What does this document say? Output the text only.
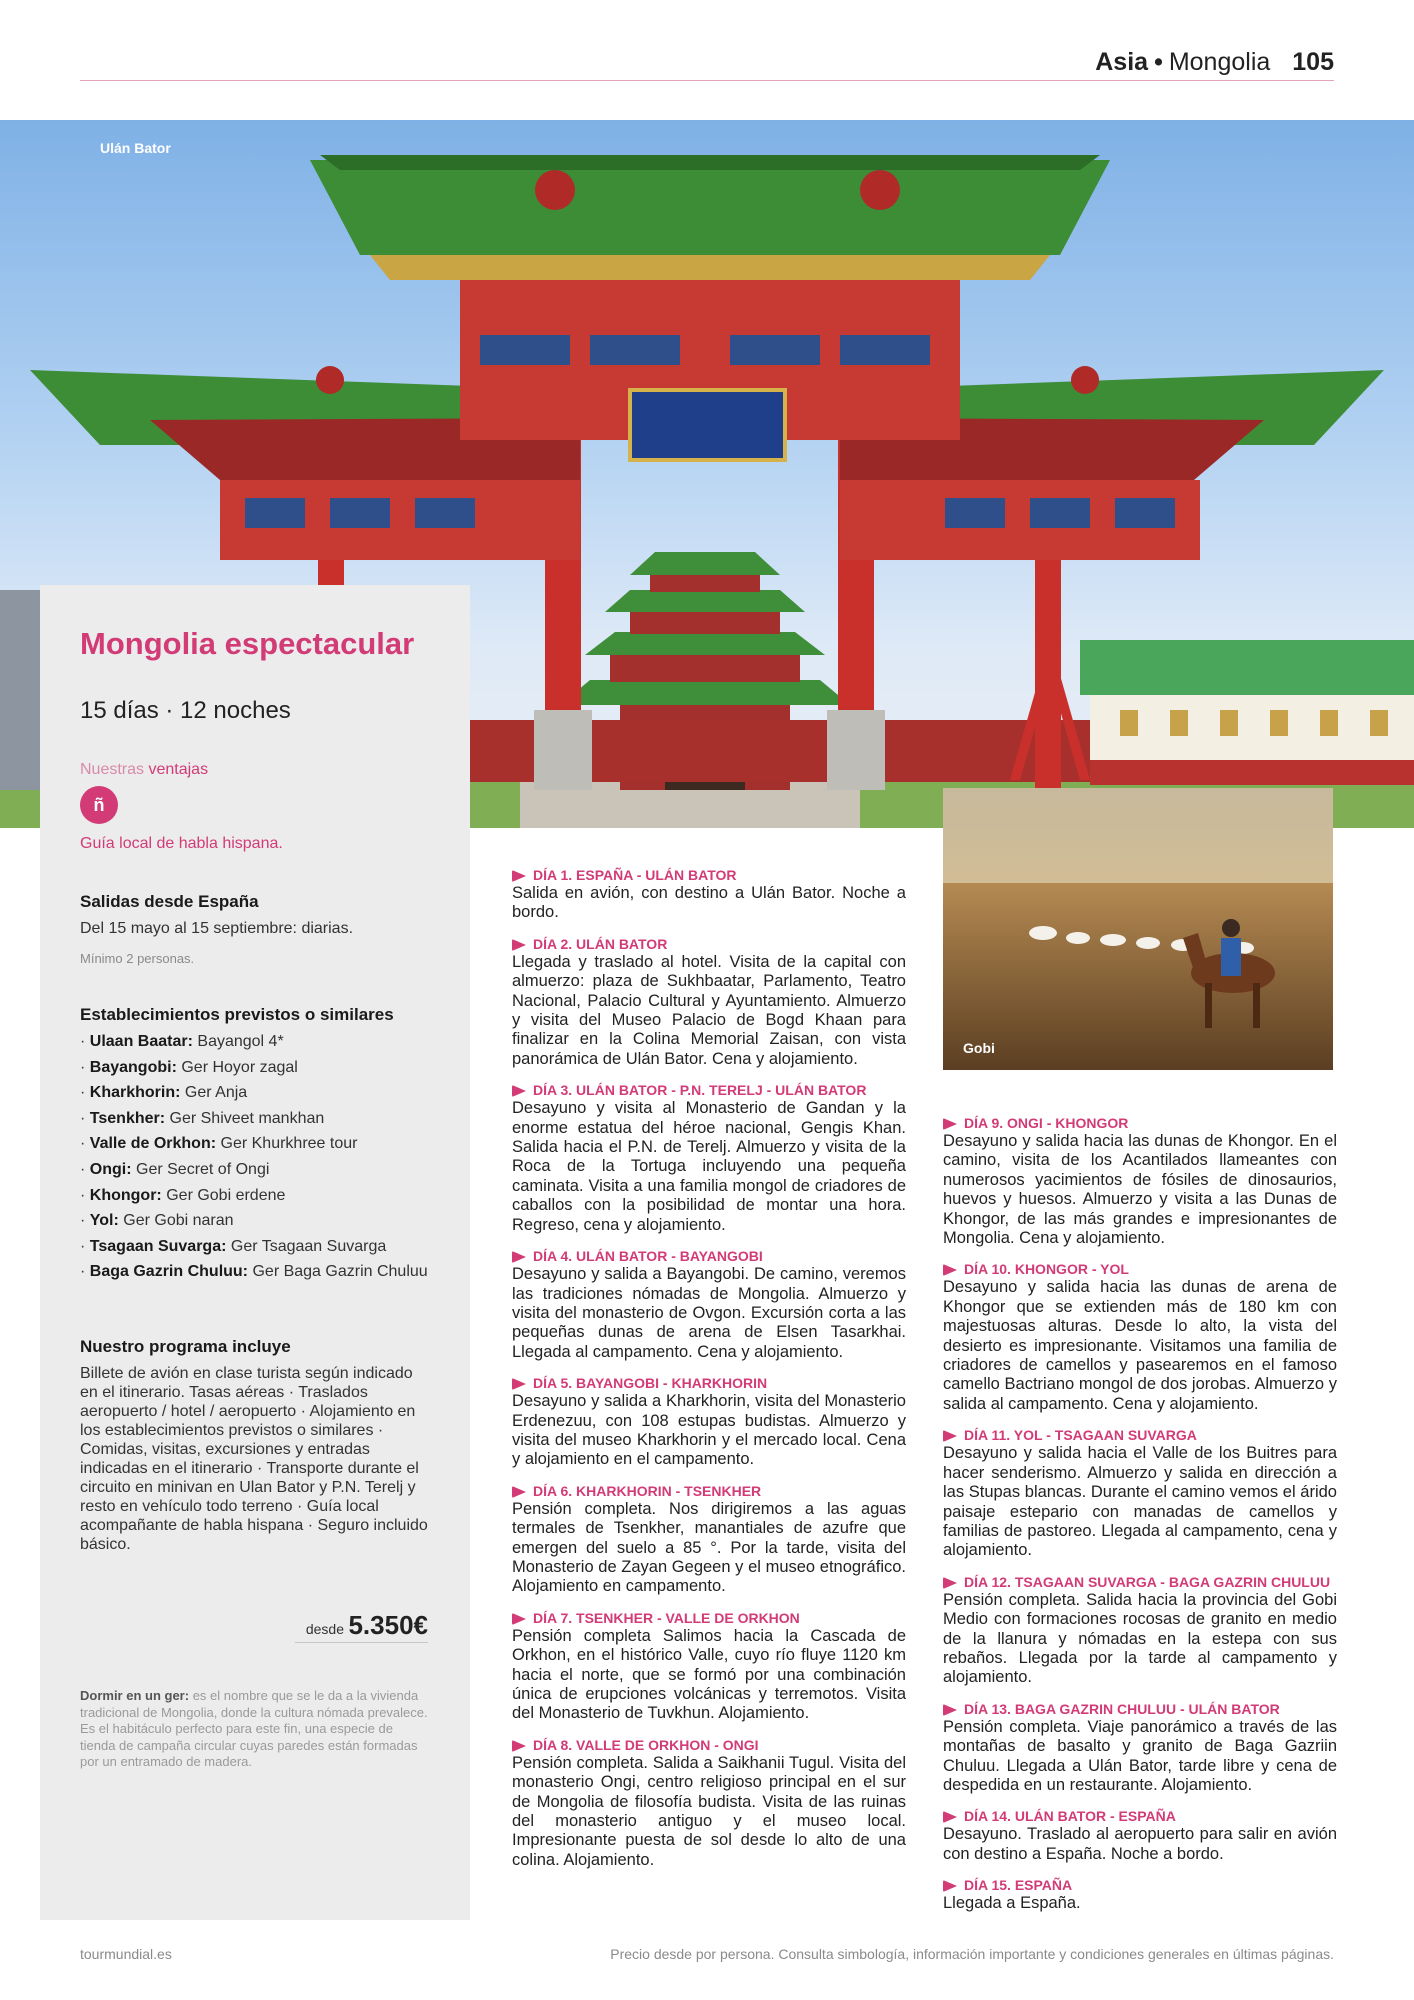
Asia • Mongolia 105
Ulán Bator
Mongolia espectacular
15 días · 12 noches
Nuestras ventajas
ñ
Guía local de habla hispana.
Salidas desde España
Del 15 mayo al 15 septiembre: diarias.
Mínimo 2 personas.
Establecimientos previstos o similares
· Ulaan Baatar: Bayangol 4*
· Bayangobi: Ger Hoyor zagal
· Kharkhorin: Ger Anja
· Tsenkher: Ger Shiveet mankhan
· Valle de Orkhon: Ger Khurkhree tour
· Ongi: Ger Secret of Ongi
· Khongor: Ger Gobi erdene
· Yol: Ger Gobi naran
· Tsagaan Suvarga: Ger Tsagaan Suvarga
· Baga Gazrin Chuluu: Ger Baga Gazrin Chuluu
Nuestro programa incluye
Billete de avión en clase turista según indicado en el itinerario. Tasas aéreas · Traslados aeropuerto / hotel / aeropuerto · Alojamiento en los establecimientos previstos o similares · Comidas, visitas, excursiones y entradas indicadas en el itinerario · Transporte durante el circuito en minivan en Ulan Bator y P.N. Terelj y resto en vehículo todo terreno · Guía local acompañante de habla hispana · Seguro incluido básico.
desde 5.350€
Dormir en un ger: es el nombre que se le da a la vivienda tradicional de Mongolia, donde la cultura nómada prevalece. Es el habitáculo perfecto para este fin, una especie de tienda de campaña circular cuyas paredes están formadas por un entramado de madera.
Gobi
DÍA 1. ESPAÑA - ULÁN BATOR
Salida en avión, con destino a Ulán Bator. Noche a bordo.
DÍA 2. ULÁN BATOR
Llegada y traslado al hotel. Visita de la capital con almuerzo: plaza de Sukhbaatar, Parlamento, Teatro Nacional, Palacio Cultural y Ayuntamiento. Almuerzo y visita del Museo Palacio de Bogd Khaan para finalizar en la Colina Memorial Zaisan, con vista panorámica de Ulán Bator. Cena y alojamiento.
DÍA 3. ULÁN BATOR - P.N. TERELJ - ULÁN BATOR
Desayuno y visita al Monasterio de Gandan y la enorme estatua del héroe nacional, Gengis Khan. Salida hacia el P.N. de Terelj. Almuerzo y visita de la Roca de la Tortuga incluyendo una pequeña caminata. Visita a una familia mongol de criadores de caballos con la posibilidad de montar una hora. Regreso, cena y alojamiento.
DÍA 4. ULÁN BATOR - BAYANGOBI
Desayuno y salida a Bayangobi. De camino, veremos las tradiciones nómadas de Mongolia. Almuerzo y visita del monasterio de Ovgon. Excursión corta a las pequeñas dunas de arena de Elsen Tasarkhai. Llegada al campamento. Cena y alojamiento.
DÍA 5. BAYANGOBI - KHARKHORIN
Desayuno y salida a Kharkhorin, visita del Monasterio Erdenezuu, con 108 estupas budistas. Almuerzo y visita del museo Kharkhorin y el mercado local. Cena y alojamiento en el campamento.
DÍA 6. KHARKHORIN - TSENKHER
Pensión completa. Nos dirigiremos a las aguas termales de Tsenkher, manantiales de azufre que emergen del suelo a 85 °. Por la tarde, visita del Monasterio de Zayan Gegeen y el museo etnográfico. Alojamiento en campamento.
DÍA 7. TSENKHER - VALLE DE ORKHON
Pensión completa Salimos hacia la Cascada de Orkhon, en el histórico Valle, cuyo río fluye 1120 km hacia el norte, que se formó por una combinación única de erupciones volcánicas y terremotos. Visita del Monasterio de Tuvkhun. Alojamiento.
DÍA 8. VALLE DE ORKHON - ONGI
Pensión completa. Salida a Saikhanii Tugul. Visita del monasterio Ongi, centro religioso principal en el sur de Mongolia de filosofía budista. Visita de las ruinas del monasterio antiguo y el museo local. Impresionante puesta de sol desde lo alto de una colina. Alojamiento.
DÍA 9. ONGI - KHONGOR
Desayuno y salida hacia las dunas de Khongor. En el camino, visita de los Acantilados llameantes con numerosos yacimientos de fósiles de dinosaurios, huevos y huesos. Almuerzo y visita a las Dunas de Khongor, de las más grandes e impresionantes de Mongolia. Cena y alojamiento.
DÍA 10. KHONGOR - YOL
Desayuno y salida hacia las dunas de arena de Khongor que se extienden más de 180 km con majestuosas alturas. Desde lo alto, la vista del desierto es impresionante. Visitamos una familia de criadores de camellos y paseаremos en el famoso camello Bactriano mongol de dos jorobas. Almuerzo y salida al campamento. Cena y alojamiento.
DÍA 11. YOL - TSAGAAN SUVARGA
Desayuno y salida hacia el Valle de los Buitres para hacer senderismo. Almuerzo y salida en dirección a las Stupas blancas. Durante el camino vemos el árido paisaje estepario con manadas de camellos y familias de pastoreo. Llegada al campamento, cena y alojamiento.
DÍA 12. TSAGAAN SUVARGA - BAGA GAZRIN CHULUU
Pensión completa. Salida hacia la provincia del Gobi Medio con formaciones rocosas de granito en medio de la llanura y nómadas en la estepa con sus rebaños. Llegada por la tarde al campamento y alojamiento.
DÍA 13. BAGA GAZRIN CHULUU - ULÁN BATOR
Pensión completa. Viaje panorámico a través de las montañas de basalto y granito de Baga Gazriin Chuluu. Llegada a Ulán Bator, tarde libre y cena de despedida en un restaurante. Alojamiento.
DÍA 14. ULÁN BATOR - ESPAÑA
Desayuno. Traslado al aeropuerto para salir en avión con destino a España. Noche a bordo.
DÍA 15. ESPAÑA
Llegada a España.
tourmundial.es	Precio desde por persona. Consulta simbología, información importante y condiciones generales en últimas páginas.
